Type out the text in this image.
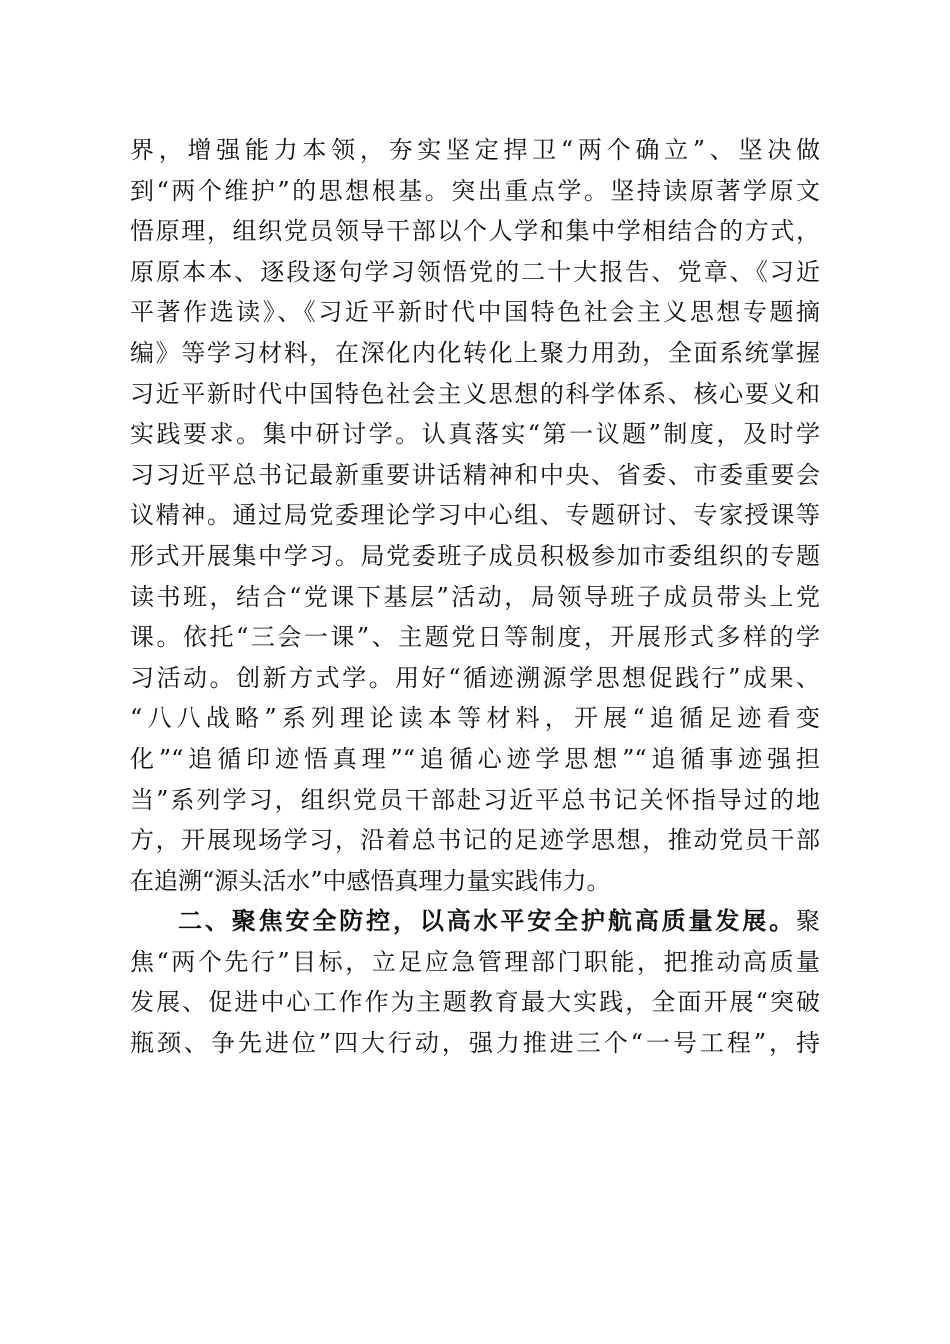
界，增强能力本领，夯实坚定捍卫“两个确立”、坚决做
到“两个维护”的思想根基。突出重点学。坚持读原著学原文
悟原理，组织党员领导干部以个人学和集中学相结合的方式，
原原本本、逐段逐句学习领悟党的二十大报告、党章、《习近
平著作选读》、《习近平新时代中国特色社会主义思想专题摘
编》等学习材料，在深化内化转化上聚力用劲，全面系统掌握
习近平新时代中国特色社会主义思想的科学体系、核心要义和
实践要求。集中研讨学。认真落实“第一议题”制度，及时学
习习近平总书记最新重要讲话精神和中央、省委、市委重要会
议精神。通过局党委理论学习中心组、专题研讨、专家授课等
形式开展集中学习。局党委班子成员积极参加市委组织的专题
读书班，结合“党课下基层”活动，局领导班子成员带头上党
课。依托“三会一课”、主题党日等制度，开展形式多样的学
习活动。创新方式学。用好“循迹溯源学思想促践行”成果、
“八八战略”系列理论读本等材料，开展“追循足迹看变
化”“追循印迹悟真理”“追循心迹学思想”“追循事迹强担
当”系列学习，组织党员干部赴习近平总书记关怀指导过的地
方，开展现场学习，沿着总书记的足迹学思想，推动党员干部
在追溯“源头活水”中感悟真理力量实践伟力。
二、聚焦安全防控，以高水平安全护航高质量发展。聚
焦“两个先行”目标，立足应急管理部门职能，把推动高质量
发展、促进中心工作作为主题教育最大实践，全面开展“突破
瓶颈、争先进位”四大行动，强力推进三个“一号工程”，持
